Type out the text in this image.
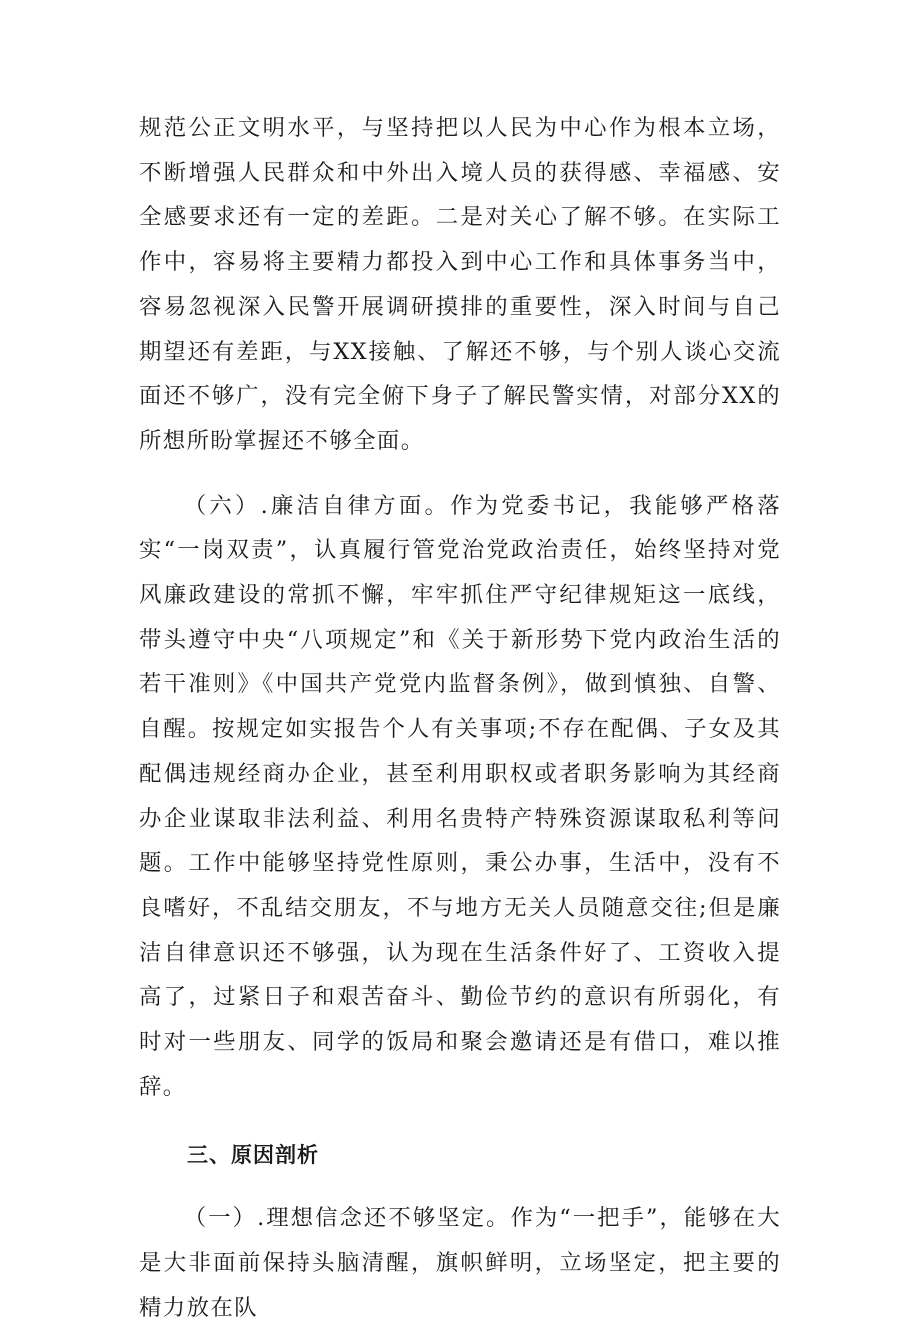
规范公正文明水平，与坚持把以人民为中心作为根本立场，不断增强人民群众和中外出入境人员的获得感、幸福感、安全感要求还有一定的差距。二是对关心了解不够。在实际工作中，容易将主要精力都投入到中心工作和具体事务当中，容易忽视深入民警开展调研摸排的重要性，深入时间与自己期望还有差距，与XX接触、了解还不够，与个别人谈心交流面还不够广，没有完全俯下身子了解民警实情，对部分XX的所想所盼掌握还不够全面。

（六）.廉洁自律方面。作为党委书记，我能够严格落实“一岗双责”，认真履行管党治党政治责任，始终坚持对党风廉政建设的常抓不懈，牢牢抓住严守纪律规矩这一底线，带头遵守中央“八项规定”和《关于新形势下党内政治生活的若干准则》《中国共产党党内监督条例》，做到慎独、自警、自醒。按规定如实报告个人有关事项;不存在配偶、子女及其配偶违规经商办企业，甚至利用职权或者职务影响为其经商办企业谋取非法利益、利用名贵特产特殊资源谋取私利等问题。工作中能够坚持党性原则，秉公办事，生活中，没有不良嗜好，不乱结交朋友，不与地方无关人员随意交往;但是廉洁自律意识还不够强，认为现在生活条件好了、工资收入提高了，过紧日子和艰苦奋斗、勤俭节约的意识有所弱化，有时对一些朋友、同学的饭局和聚会邀请还是有借口，难以推辞。

三、原因剖析

（一）.理想信念还不够坚定。作为“一把手”，能够在大是大非面前保持头脑清醒，旗帜鲜明，立场坚定，把主要的精力放在队
